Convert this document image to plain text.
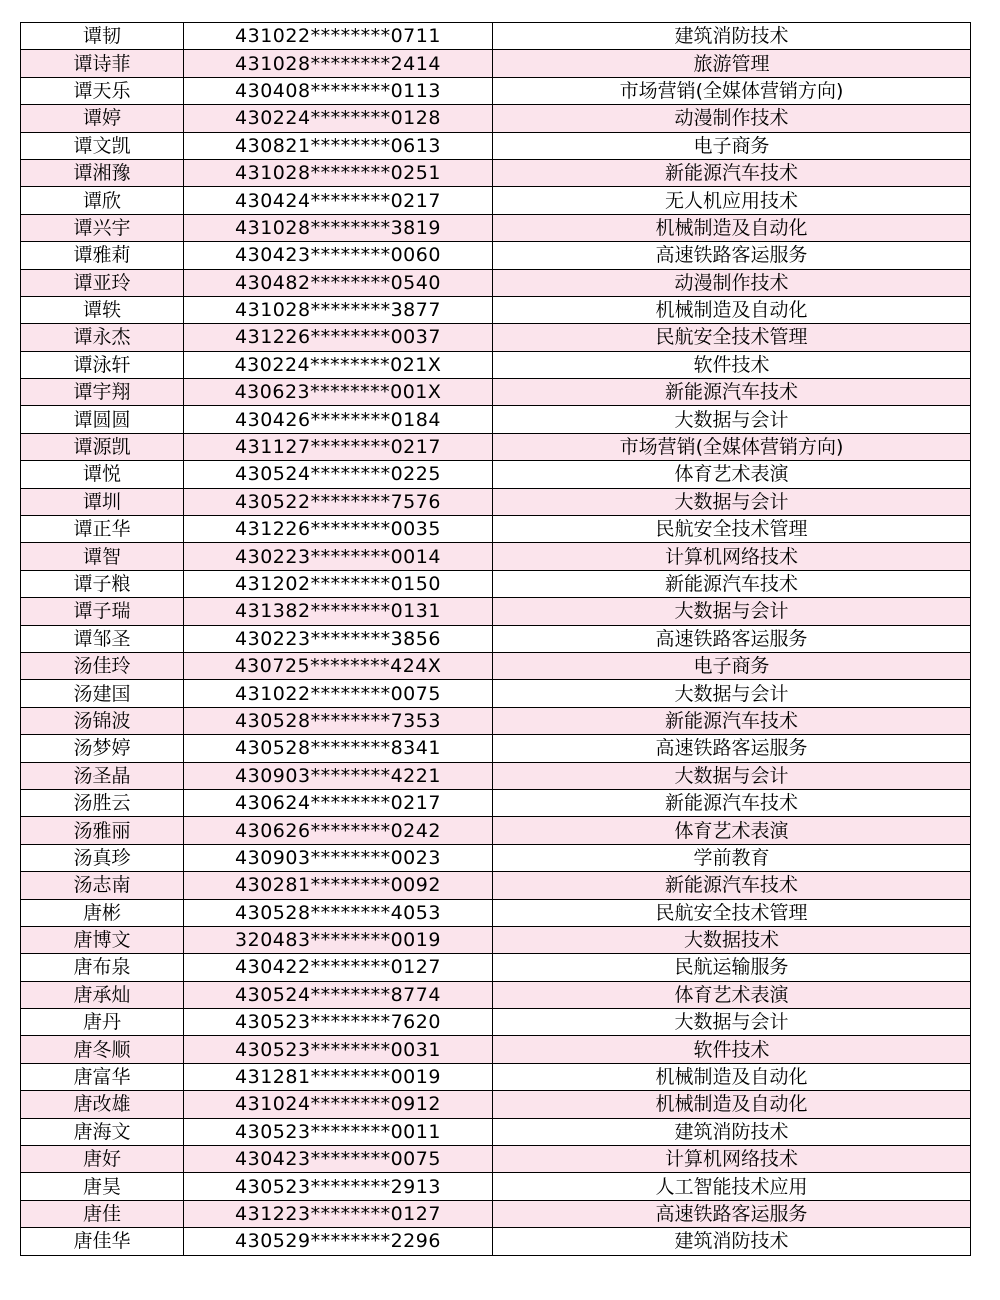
谭韧	431022********0711	建筑消防技术
谭诗菲	431028********2414	旅游管理
谭天乐	430408********0113	市场营销(全媒体营销方向)
谭婷	430224********0128	动漫制作技术
谭文凯	430821********0613	电子商务
谭湘豫	431028********0251	新能源汽车技术
谭欣	430424********0217	无人机应用技术
谭兴宇	431028********3819	机械制造及自动化
谭雅莉	430423********0060	高速铁路客运服务
谭亚玲	430482********0540	动漫制作技术
谭轶	431028********3877	机械制造及自动化
谭永杰	431226********0037	民航安全技术管理
谭泳轩	430224********021X	软件技术
谭宇翔	430623********001X	新能源汽车技术
谭圆圆	430426********0184	大数据与会计
谭源凯	431127********0217	市场营销(全媒体营销方向)
谭悦	430524********0225	体育艺术表演
谭圳	430522********7576	大数据与会计
谭正华	431226********0035	民航安全技术管理
谭智	430223********0014	计算机网络技术
谭子粮	431202********0150	新能源汽车技术
谭子瑞	431382********0131	大数据与会计
谭邹圣	430223********3856	高速铁路客运服务
汤佳玲	430725********424X	电子商务
汤建国	431022********0075	大数据与会计
汤锦波	430528********7353	新能源汽车技术
汤梦婷	430528********8341	高速铁路客运服务
汤圣晶	430903********4221	大数据与会计
汤胜云	430624********0217	新能源汽车技术
汤雅丽	430626********0242	体育艺术表演
汤真珍	430903********0023	学前教育
汤志南	430281********0092	新能源汽车技术
唐彬	430528********4053	民航安全技术管理
唐博文	320483********0019	大数据技术
唐布泉	430422********0127	民航运输服务
唐承灿	430524********8774	体育艺术表演
唐丹	430523********7620	大数据与会计
唐冬顺	430523********0031	软件技术
唐富华	431281********0019	机械制造及自动化
唐改雄	431024********0912	机械制造及自动化
唐海文	430523********0011	建筑消防技术
唐好	430423********0075	计算机网络技术
唐昊	430523********2913	人工智能技术应用
唐佳	431223********0127	高速铁路客运服务
唐佳华	430529********2296	建筑消防技术
